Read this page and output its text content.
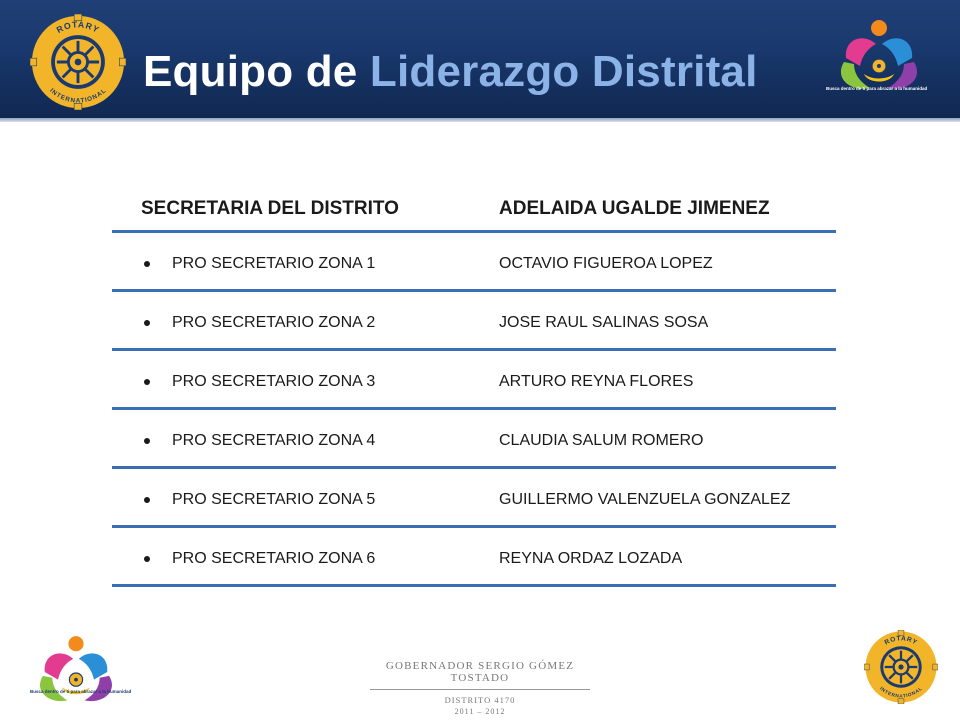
ROTARY
INTERNATIONAL Equipo de Liderazgo Distrital	Busca dentro de ti para abrazar a la humanidad
SECRETARIA DEL DISTRITO	ADELAIDA UGALDE JIMENEZ
PRO SECRETARIO ZONA 1	OCTAVIO FIGUEROA LOPEZ
PRO SECRETARIO ZONA 2	JOSE RAUL SALINAS SOSA
PRO SECRETARIO ZONA 3	ARTURO REYNA FLORES
PRO SECRETARIO ZONA 4	CLAUDIA SALUM ROMERO
PRO SECRETARIO ZONA 5	GUILLERMO VALENZUELA GONZALEZ
PRO SECRETARIO ZONA 6	REYNA ORDAZ LOZADA
Busca dentro de ti para abrazar a la humanidad
GOBERNADOR SERGIO GÓMEZ TOSTADO
DISTRITO 4170
2011 – 2012
ROTARY
INTERNATIONAL
